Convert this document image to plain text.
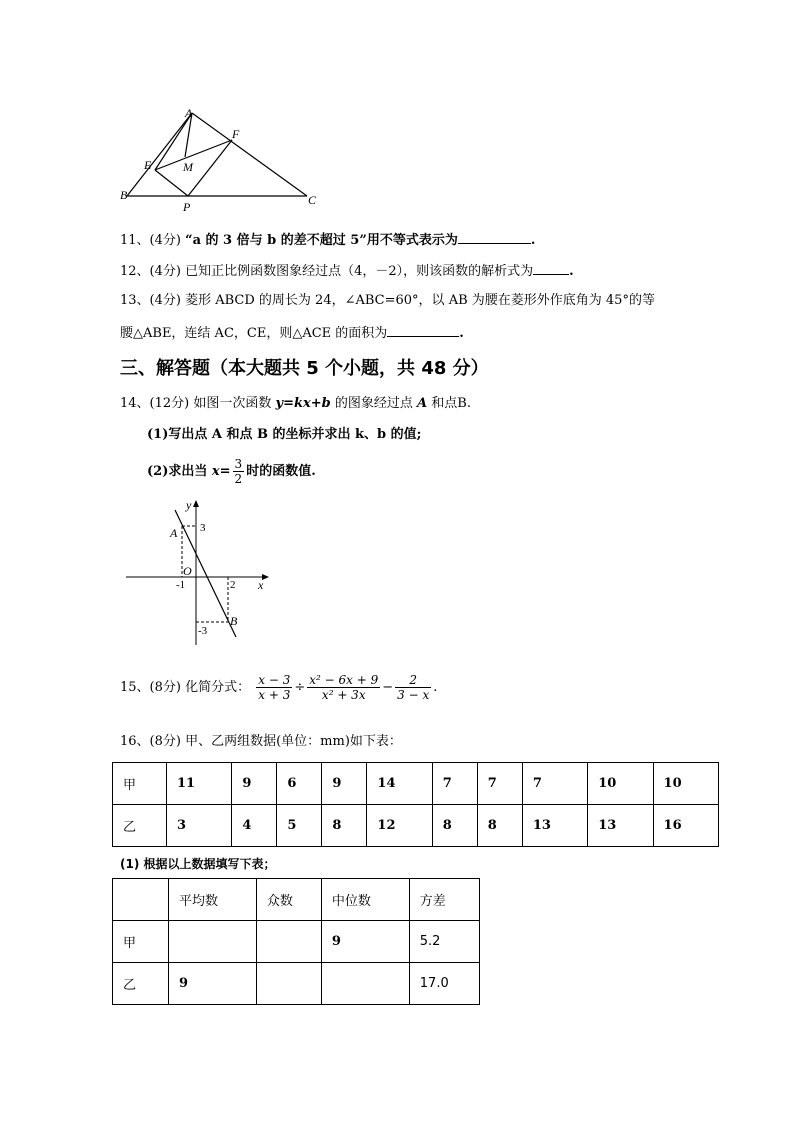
A
F
E	M
B
P	C
11、(4分) “a 的 3 倍与 b 的差不超过 5”用不等式表示为	.
12、(4分) 已知正比例函数图象经过点（4，－2），则该函数的解析式为	.
13、(4分) 菱形 ABCD 的周长为 24，∠ABC=60°，以 AB 为腰在菱形外作底角为 45°的等
腰△ABE，连结 AC，CE，则△ACE 的面积为	.
三、解答题（本大题共 5 个小题，共 48 分）
14、(12分) 如图一次函数 y=kx+b 的图象经过点 A 和点B.
(1)写出点 A 和点 B 的坐标并求出 k、b 的值;
(2)求出当 $x= \frac{3}{2}$ 时的函数值.
y
x
O
A
B
3
-1	2
-3
15、(8分) 化简分式： $\frac{x - 3}{x + 3} \div \frac{\text{x² − 6x + 9}}{\text{x² + 3x}} - \frac{2}{3 - x}$ .
16、(8分) 甲、乙两组数据(单位：mm)如下表：
甲	11	9	6	9	14	7	7	7	10	10
乙	3	4	5	8	12	8	8	13	13	16
(1) 根据以上数据填写下表；
	平均数	众数	中位数	方差
甲			9	5.2
乙	9			17.0
